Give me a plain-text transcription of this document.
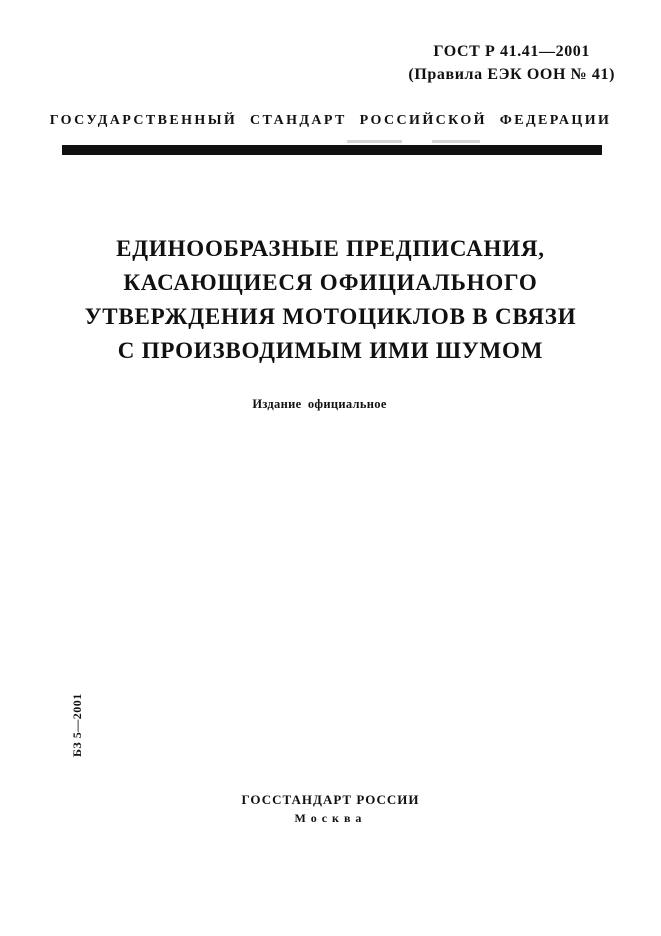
ГОСТ Р 41.41—2001
(Правила ЕЭК ООН № 41)
ГОСУДАРСТВЕННЫЙ СТАНДАРТ РОССИЙСКОЙ ФЕДЕРАЦИИ
ЕДИНООБРАЗНЫЕ ПРЕДПИСАНИЯ,
КАСАЮЩИЕСЯ ОФИЦИАЛЬНОГО
УТВЕРЖДЕНИЯ МОТОЦИКЛОВ В СВЯЗИ
С ПРОИЗВОДИМЫМ ИМИ ШУМОМ
Издание официальное
БЗ 5—2001
ГОССТАНДАРТ РОССИИ
Москва
